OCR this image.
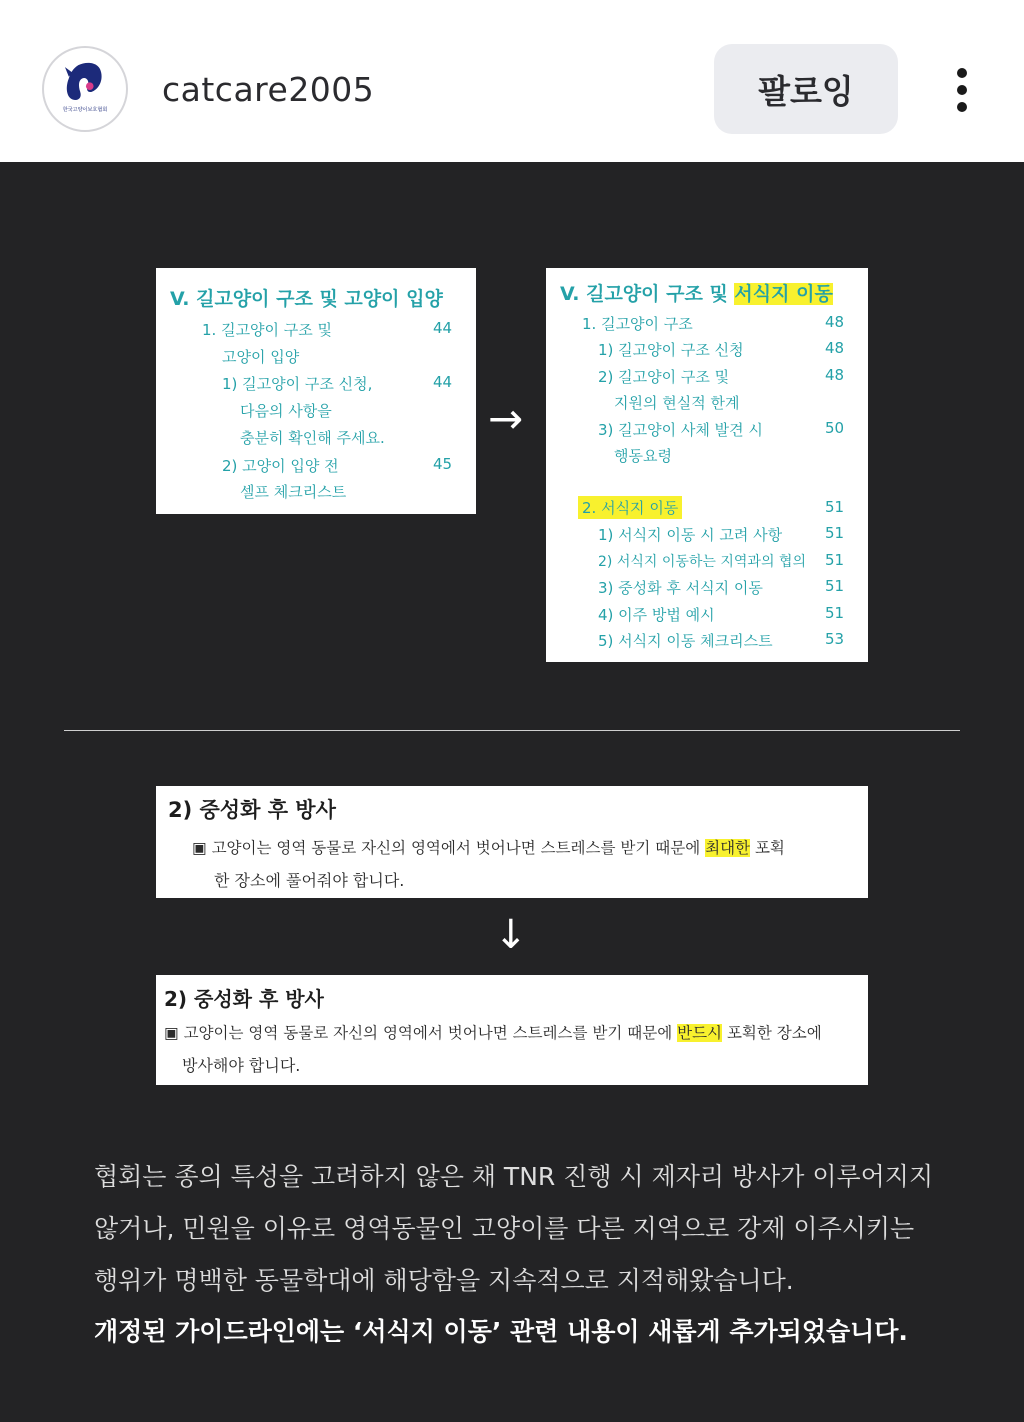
한국고양이보호협회
catcare2005	팔로잉
V. 길고양이 구조 및 고양이 입양
1. 길고양이 구조 및	44
고양이 입양
1) 길고양이 구조 신청,	44
다음의 사항을
충분히 확인해 주세요.
2) 고양이 입양 전	45
셀프 체크리스트
→
V. 길고양이 구조 및 서식지 이동
1. 길고양이 구조	48
1) 길고양이 구조 신청	48
2) 길고양이 구조 및	48
지원의 현실적 한계
3) 길고양이 사체 발견 시	50
행동요령
2. 서식지 이동	51
1) 서식지 이동 시 고려 사항	51
2) 서식지 이동하는 지역과의 협의 51
3) 중성화 후 서식지 이동	51
4) 이주 방법 예시	51
5) 서식지 이동 체크리스트	53
2) 중성화 후 방사
▣ 고양이는 영역 동물로 자신의 영역에서 벗어나면 스트레스를 받기 때문에 최대한 포획
한 장소에 풀어줘야 합니다.
↓
2) 중성화 후 방사
▣ 고양이는 영역 동물로 자신의 영역에서 벗어나면 스트레스를 받기 때문에 반드시 포획한 장소에
방사해야 합니다.
협회는 종의 특성을 고려하지 않은 채 TNR 진행 시 제자리 방사가 이루어지지
않거나, 민원을 이유로 영역동물인 고양이를 다른 지역으로 강제 이주시키는
행위가 명백한 동물학대에 해당함을 지속적으로 지적해왔습니다.
개정된 가이드라인에는 ‘서식지 이동’ 관련 내용이 새롭게 추가되었습니다.
